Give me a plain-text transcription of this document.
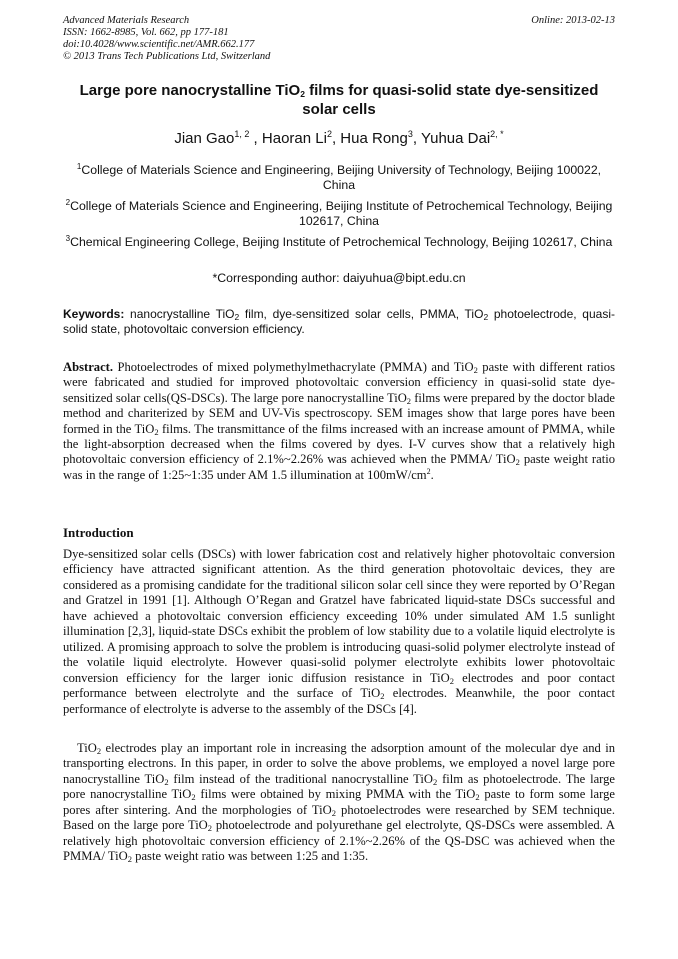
Advanced Materials Research
ISSN: 1662-8985, Vol. 662, pp 177-181
doi:10.4028/www.scientific.net/AMR.662.177
© 2013 Trans Tech Publications Ltd, Switzerland
Online: 2013-02-13
Large pore nanocrystalline TiO$_2$ films for quasi-solid state dye-sensitized solar cells
Jian Gao$^{1, 2}$ , Haoran Li$^2$, Hua Rong$^3$, Yuhua Dai$^{2, *}$
$^1$College of Materials Science and Engineering, Beijing University of Technology, Beijing 100022, China
$^2$College of Materials Science and Engineering, Beijing Institute of Petrochemical Technology, Beijing 102617, China
$^3$Chemical Engineering College, Beijing Institute of Petrochemical Technology, Beijing 102617, China
*Corresponding author: daiyuhua@bipt.edu.cn
Keywords: nanocrystalline TiO$_2$ film, dye-sensitized solar cells, PMMA, TiO$_2$ photoelectrode, quasi-solid state, photovoltaic conversion efficiency.
Abstract. Photoelectrodes of mixed polymethylmethacrylate (PMMA) and TiO$_2$ paste with different ratios were fabricated and studied for improved photovoltaic conversion efficiency in quasi-solid state dye-sensitized solar cells(QS-DSCs). The large pore nanocrystalline TiO$_2$ films were prepared by the doctor blade method and chariterized by SEM and UV-Vis spectroscopy. SEM images show that large pores have been formed in the TiO$_2$ films. The transmittance of the films increased with an increase amount of PMMA, while the light-absorption decreased when the films covered by dyes. I-V curves show that a relatively high photovoltaic conversion efficiency of 2.1%~2.26% was achieved when the PMMA/ TiO$_2$ paste weight ratio was in the range of 1:25~1:35 under AM 1.5 illumination at $100mW/cm^2$.
Introduction
Dye-sensitized solar cells (DSCs) with lower fabrication cost and relatively higher photovoltaic conversion efficiency have attracted significant attention. As the third generation photovoltaic devices, they are considered as a promising candidate for the traditional silicon solar cell since they were reported by O’Regan and Gratzel in 1991 [1]. Although O’Regan and Gratzel have fabricated liquid-state DSCs successful and have achieved a photovoltaic conversion efficiency exceeding 10% under simulated AM 1.5 sunlight illumination [2,3], liquid-state DSCs exhibit the problem of low stability due to a volatile liquid electrolyte is utilized. A promising approach to solve the problem is introducing quasi-solid polymer electrolyte instead of the volatile liquid electrolyte. However quasi-solid polymer electrolyte exhibits lower photovoltaic conversion efficiency for the larger ionic diffusion resistance in TiO$_2$ electrodes and poor contact performance between electrolyte and the surface of TiO$_2$ electrodes. Meanwhile, the poor contact performance of electrolyte is adverse to the assembly of the DSCs [4].
TiO$_2$ electrodes play an important role in increasing the adsorption amount of the molecular dye and in transporting electrons. In this paper, in order to solve the above problems, we employed a novel large pore nanocrystalline TiO$_2$ film instead of the traditional nanocrystalline TiO$_2$ film as photoelectrode. The large pore nanocrystalline TiO$_2$ films were obtained by mixing PMMA with the TiO$_2$ paste to form some large pores after sintering. And the morphologies of TiO$_2$ photoelectrodes were researched by SEM technique. Based on the large pore TiO$_2$ photoelectrode and polyurethane gel electrolyte, QS-DSCs were assembled. A relatively high photovoltaic conversion efficiency of 2.1%~2.26% of the QS-DSC was achieved when the PMMA/ TiO$_2$ paste weight ratio was between 1:25 and 1:35.
